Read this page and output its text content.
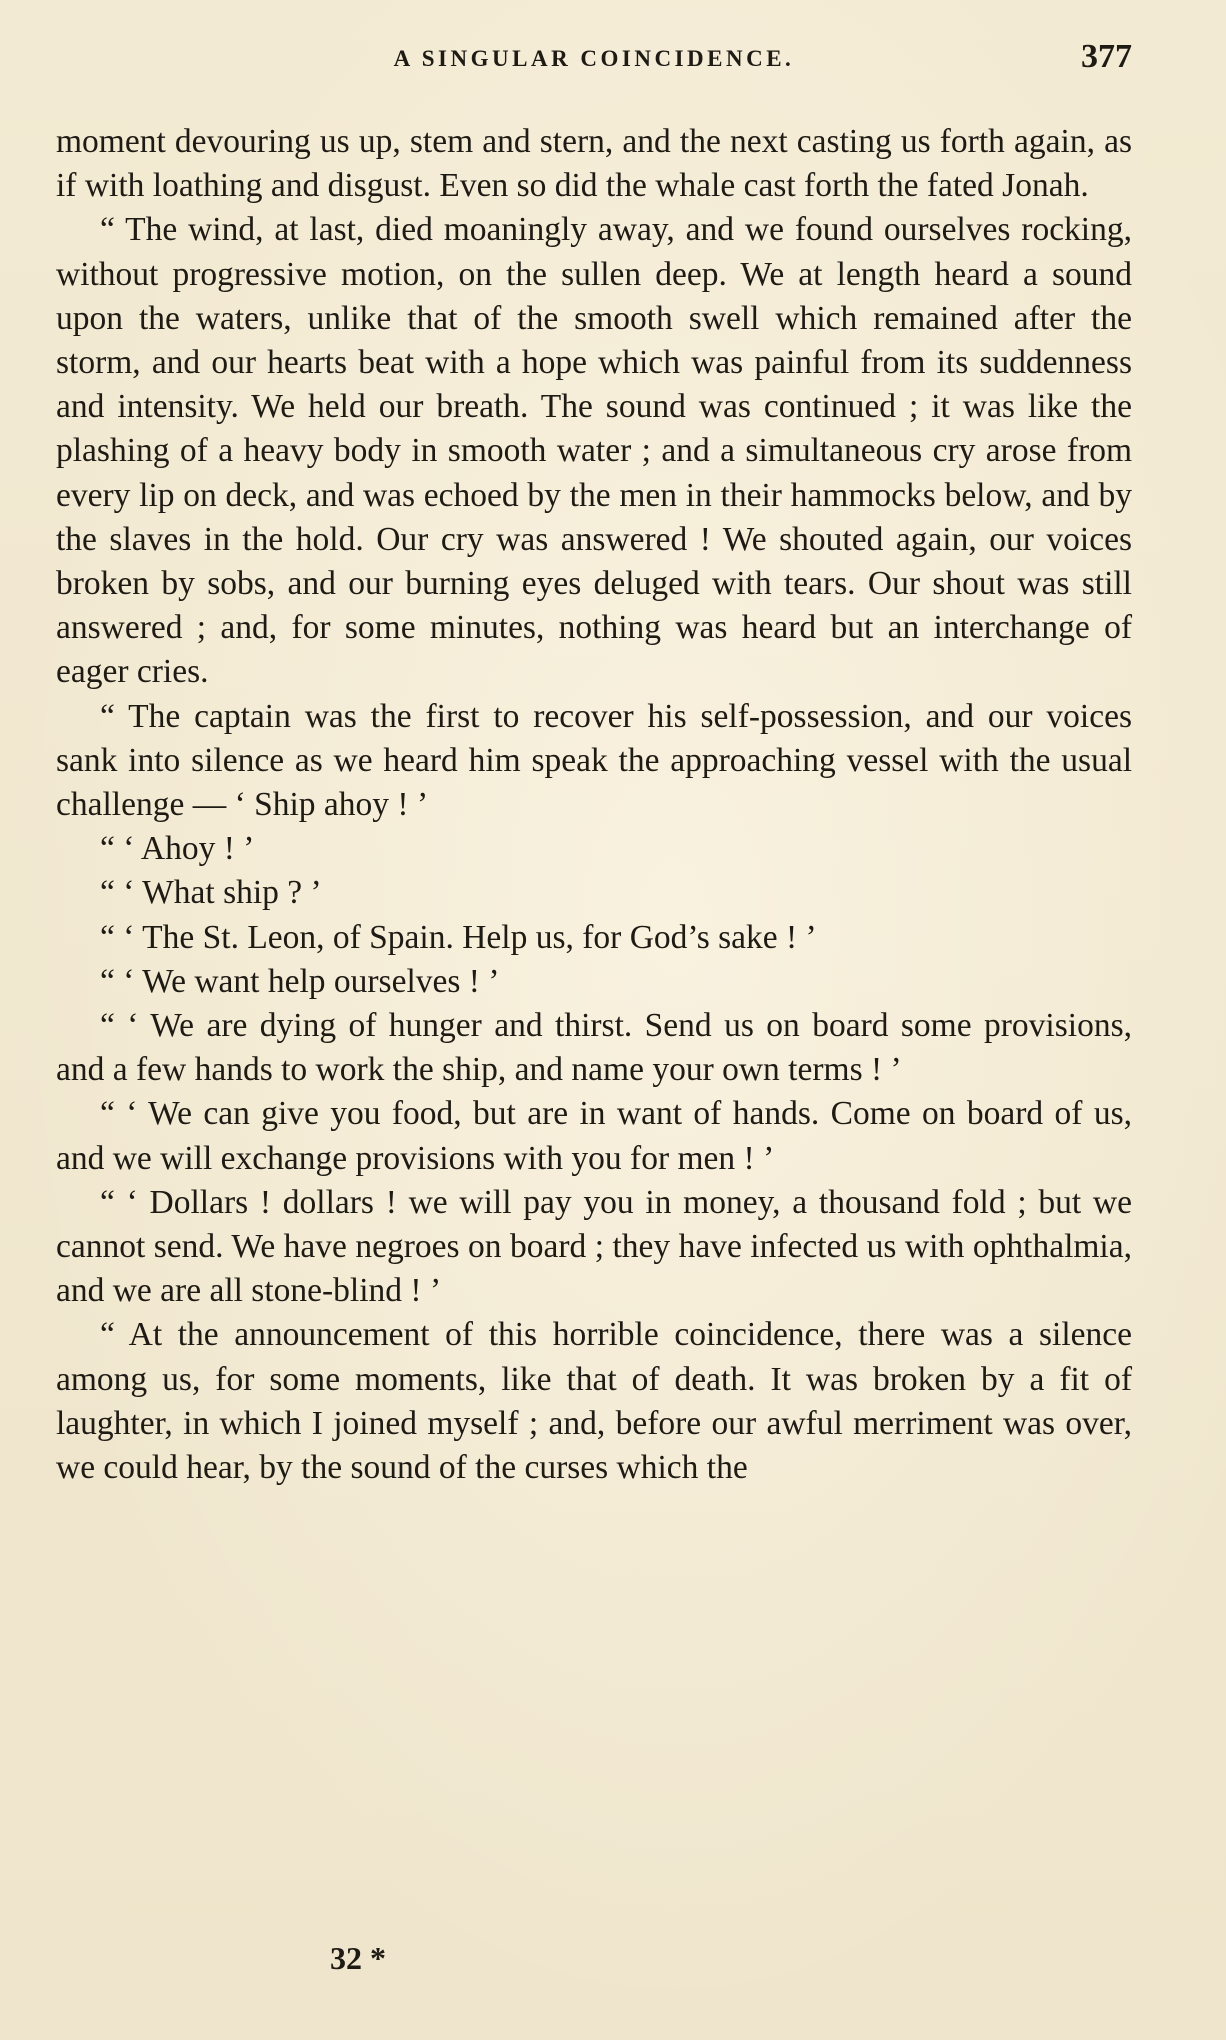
A SINGULAR COINCIDENCE.	377

moment devouring us up, stem and stern, and the next casting us forth again, as if with loathing and disgust. Even so did the whale cast forth the fated Jonah.

“ The wind, at last, died moaningly away, and we found ourselves rocking, without progressive motion, on the sullen deep. We at length heard a sound upon the waters, unlike that of the smooth swell which remained after the storm, and our hearts beat with a hope which was painful from its suddenness and intensity. We held our breath. The sound was continued ; it was like the plashing of a heavy body in smooth water ; and a simultaneous cry arose from every lip on deck, and was echoed by the men in their hammocks below, and by the slaves in the hold. Our cry was answered ! We shouted again, our voices broken by sobs, and our burning eyes deluged with tears. Our shout was still answered ; and, for some minutes, nothing was heard but an interchange of eager cries.

“ The captain was the first to recover his self-possession, and our voices sank into silence as we heard him speak the approaching vessel with the usual challenge — ‘ Ship ahoy ! ’

“ ‘ Ahoy ! ’

“ ‘ What ship ? ’

“ ‘ The St. Leon, of Spain. Help us, for God’s sake ! ’

“ ‘ We want help ourselves ! ’

“ ‘ We are dying of hunger and thirst. Send us on board some provisions, and a few hands to work the ship, and name your own terms ! ’

“ ‘ We can give you food, but are in want of hands. Come on board of us, and we will exchange provisions with you for men ! ’

“ ‘ Dollars ! dollars ! we will pay you in money, a thousand fold ; but we cannot send. We have negroes on board ; they have infected us with ophthalmia, and we are all stone-blind ! ’

“ At the announcement of this horrible coincidence, there was a silence among us, for some moments, like that of death. It was broken by a fit of laughter, in which I joined myself ; and, before our awful merriment was over, we could hear, by the sound of the curses which the

32 *
